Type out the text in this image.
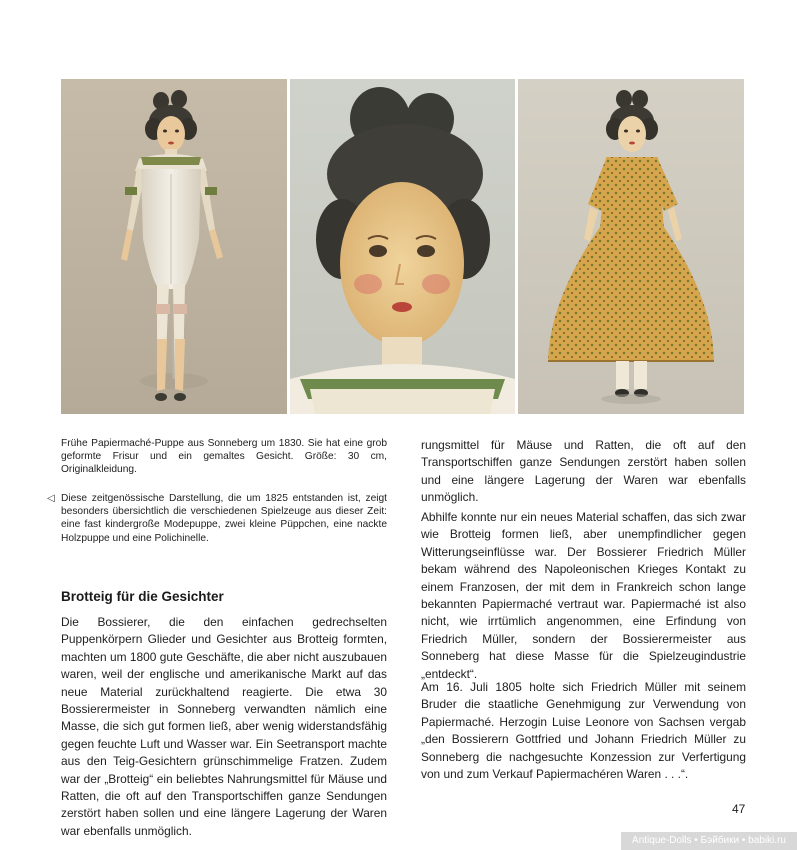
Frühe Papiermaché-Puppe aus Sonneberg um 1830. Sie hat eine grob geformte Frisur und ein gemaltes Gesicht. Größe: 30 cm, Originalkleidung.

◁ Diese zeitgenössische Darstellung, die um 1825 entstanden ist, zeigt besonders übersichtlich die verschiedenen Spielzeuge aus dieser Zeit: eine fast kindergroße Modepuppe, zwei kleine Püppchen, eine nackte Holzpuppe und eine Polichinelle.

Brotteig für die Gesichter

Die Bossierer, die den einfachen gedrechselten Puppenkörpern Glieder und Gesichter aus Brotteig formten, machten um 1800 gute Geschäfte, die aber nicht auszubauen waren, weil der englische und amerikanische Markt auf das neue Material zurückhaltend reagierte. Die etwa 30 Bossierermeister in Sonneberg verwandten nämlich eine Masse, die sich gut formen ließ, aber wenig widerstandsfähig gegen feuchte Luft und Wasser war. Ein Seetransport machte aus den Teig-Gesichtern grünschimmelige Fratzen. Zudem war der „Brotteig“ ein beliebtes Nahrungsmittel für Mäuse und Ratten, die oft auf den Transportschiffen ganze Sendungen zerstört haben sollen und eine längere Lagerung der Waren war ebenfalls unmöglich.

rungsmittel für Mäuse und Ratten, die oft auf den Transportschiffen ganze Sendungen zerstört haben sollen und eine längere Lagerung der Waren war ebenfalls unmöglich.

Abhilfe konnte nur ein neues Material schaffen, das sich zwar wie Brotteig formen ließ, aber unempfindlicher gegen Witterungseinflüsse war. Der Bossierer Friedrich Müller bekam während des Napoleonischen Krieges Kontakt zu einem Franzosen, der mit dem in Frankreich schon lange bekannten Papiermaché vertraut war. Papiermaché ist also nicht, wie irrtümlich angenommen, eine Erfindung von Friedrich Müller, sondern der Bossierermeister aus Sonneberg hat diese Masse für die Spielzeugindustrie „entdeckt“.

Am 16. Juli 1805 holte sich Friedrich Müller mit seinem Bruder die staatliche Genehmigung zur Verwendung von Papiermaché. Herzogin Luise Leonore von Sachsen vergab „den Bossierern Gottfried und Johann Friedrich Müller zu Sonneberg die nachgesuchte Konzession zur Verfertigung von und zum Verkauf Papiermachéren Waren . . .“.

47
Antique-Dolls • Бэйбики • babiki.ru
